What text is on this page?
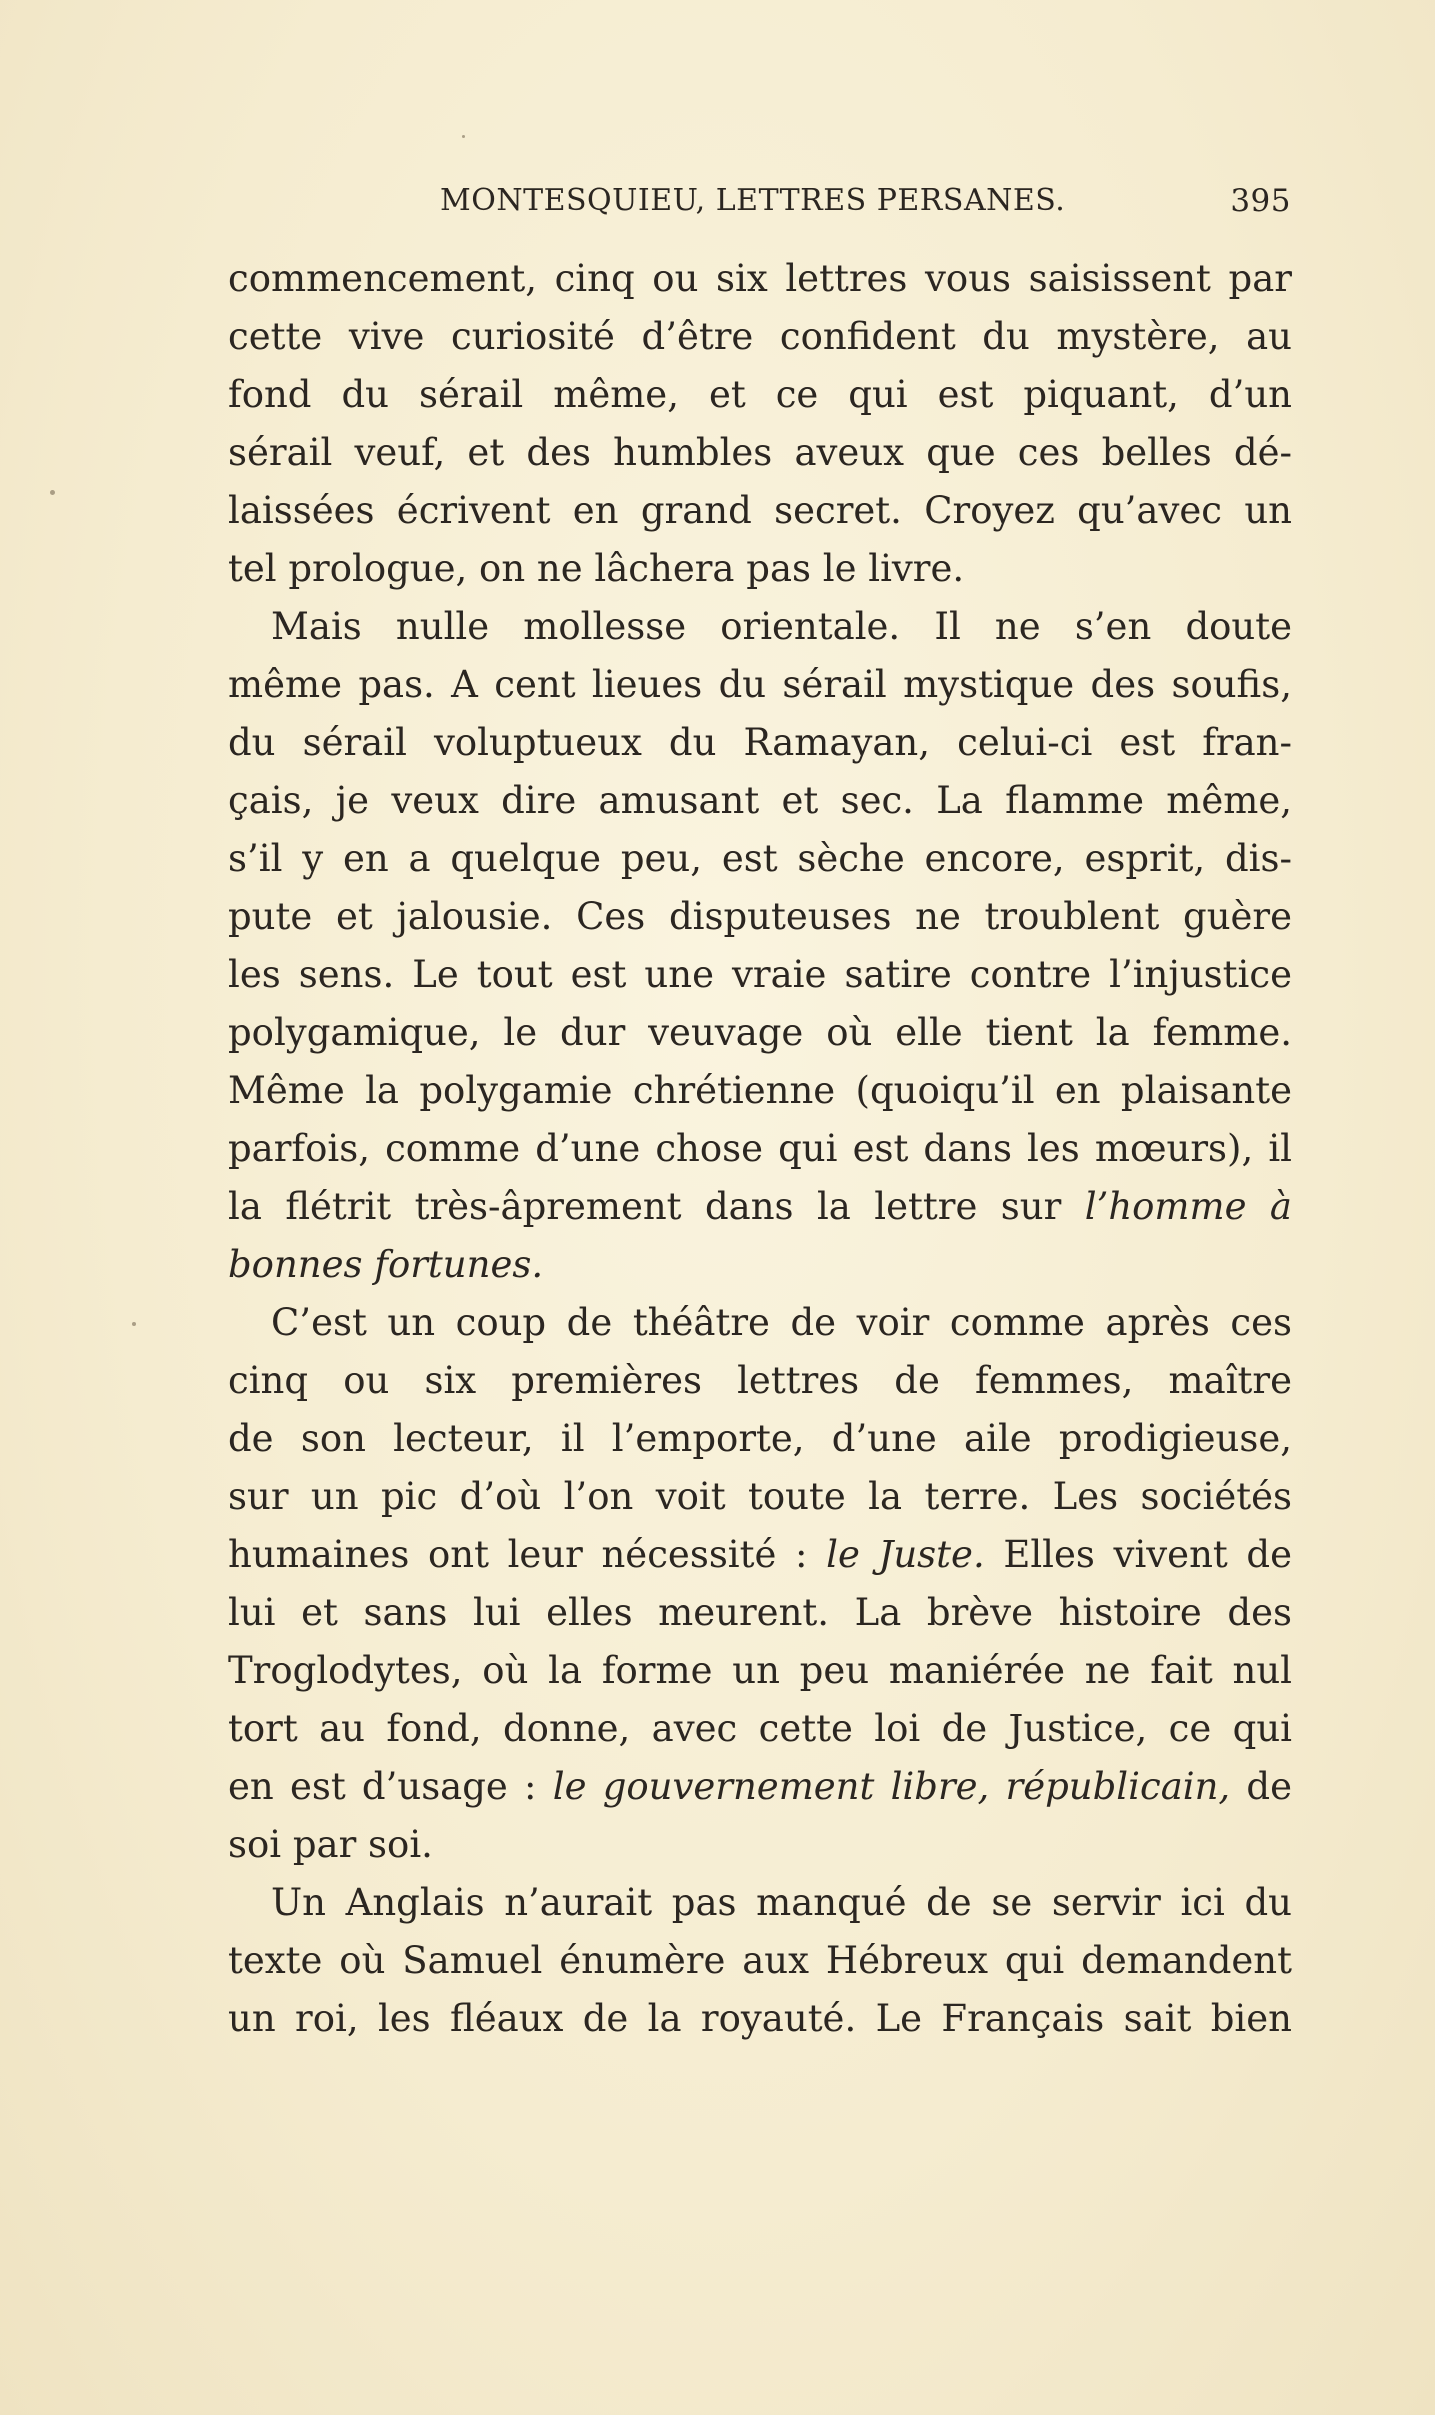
MONTESQUIEU, LETTRES PERSANES.	395
commencement, cinq ou six lettres vous saisissent par
cette vive curiosité d’être confident du mystère, au
fond du sérail même, et ce qui est piquant, d’un
sérail veuf, et des humbles aveux que ces belles dé-
laissées écrivent en grand secret. Croyez qu’avec un
tel prologue, on ne lâchera pas le livre.
Mais nulle mollesse orientale. Il ne s’en doute
même pas. A cent lieues du sérail mystique des soufis,
du sérail voluptueux du Ramayan, celui-ci est fran-
çais, je veux dire amusant et sec. La flamme même,
s’il y en a quelque peu, est sèche encore, esprit, dis-
pute et jalousie. Ces disputeuses ne troublent guère
les sens. Le tout est une vraie satire contre l’injustice
polygamique, le dur veuvage où elle tient la femme.
Même la polygamie chrétienne (quoiqu’il en plaisante
parfois, comme d’une chose qui est dans les mœurs), il
la flétrit très-âprement dans la lettre sur l’homme à
bonnes fortunes.
C’est un coup de théâtre de voir comme après ces
cinq ou six premières lettres de femmes, maître
de son lecteur, il l’emporte, d’une aile prodigieuse,
sur un pic d’où l’on voit toute la terre. Les sociétés
humaines ont leur nécessité : le Juste. Elles vivent de
lui et sans lui elles meurent. La brève histoire des
Troglodytes, où la forme un peu maniérée ne fait nul
tort au fond, donne, avec cette loi de Justice, ce qui
en est d’usage : le gouvernement libre, républicain, de
soi par soi.
Un Anglais n’aurait pas manqué de se servir ici du
texte où Samuel énumère aux Hébreux qui demandent
un roi, les fléaux de la royauté. Le Français sait bien
